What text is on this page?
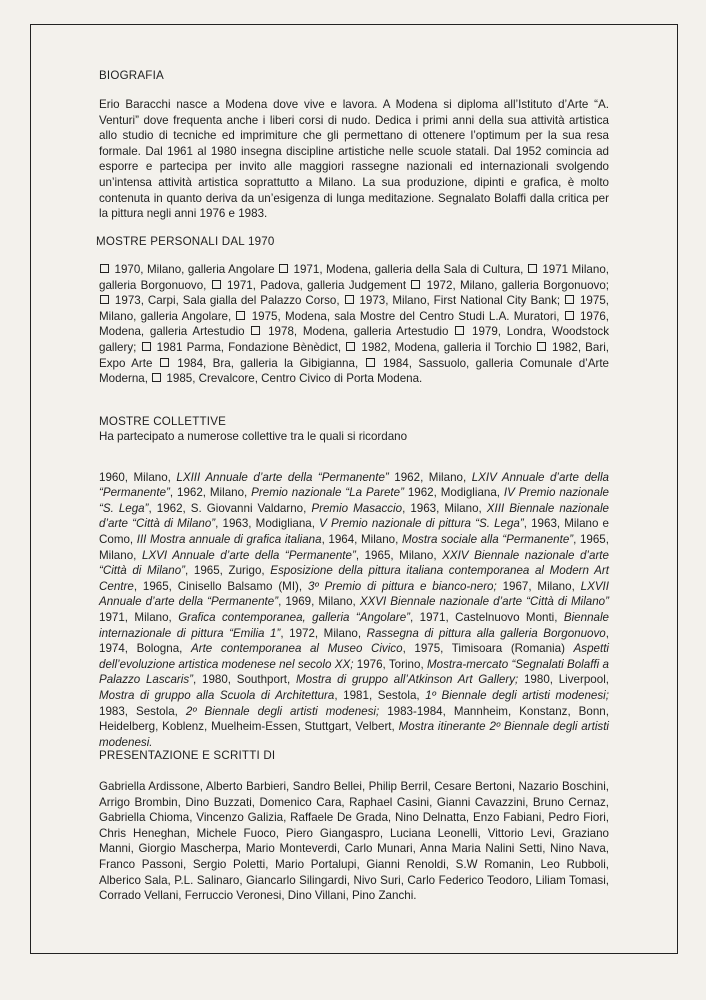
BIOGRAFIA

Erio Baracchi nasce a Modena dove vive e lavora. A Modena si diploma all’Istituto d’Arte “A. Venturi” dove frequenta anche i liberi corsi di nudo. Dedica i primi anni della sua attività artistica allo studio di tecniche ed imprimiture che gli permettano di ottenere l’optimum per la sua resa formale. Dal 1961 al 1980 insegna discipline artistiche nelle scuole statali. Dal 1952 comincia ad esporre e partecipa per invito alle maggiori rassegne nazionali ed internazionali svolgendo un’intensa attività artistica soprattutto a Milano. La sua produzione, dipinti e grafica, è molto contenuta in quanto deriva da un’esigenza di lunga meditazione. Segnalato Bolaffi dalla critica per la pittura negli anni 1976 e 1983.

MOSTRE PERSONALI DAL 1970

1970, Milano, galleria Angolare  1971, Modena, galleria della Sala di Cultura,  1971 Milano, galleria Borgonuovo,  1971, Padova, galleria Judgement  1972, Milano, galleria Borgonuovo;  1973, Carpi, Sala gialla del Palazzo Corso,  1973, Milano, First National City Bank;  1975, Milano, galleria Angolare,  1975, Modena, sala Mostre del Centro Studi L.A. Muratori,  1976, Modena, galleria Artestudio  1978, Modena, galleria Artestudio  1979, Londra, Woodstock gallery;  1981 Parma, Fondazione Bènèdict,  1982, Modena, galleria il Torchio  1982, Bari, Expo Arte  1984, Bra, galleria la Gibigianna,  1984, Sassuolo, galleria Comunale d’Arte Moderna,  1985, Crevalcore, Centro Civico di Porta Modena.

MOSTRE COLLETTIVE

Ha partecipato a numerose collettive tra le quali si ricordano

1960, Milano, LXIII Annuale d’arte della “Permanente” 1962, Milano, LXIV Annuale d’arte della “Permanente”, 1962, Milano, Premio nazionale “La Parete” 1962, Modigliana, IV Premio nazionale “S. Lega”, 1962, S. Giovanni Valdarno, Premio Masaccio, 1963, Milano, XIII Biennale nazionale d’arte “Città di Milano”, 1963, Modigliana, V Premio nazionale di pittura “S. Lega”, 1963, Milano e Como, III Mostra annuale di grafica italiana, 1964, Milano, Mostra sociale alla “Permanente”, 1965, Milano, LXVI Annuale d’arte della “Permanente”, 1965, Milano, XXIV Biennale nazionale d’arte “Città di Milano”, 1965, Zurigo, Esposizione della pittura italiana contemporanea al Modern Art Centre, 1965, Cinisello Balsamo (MI), 3º Premio di pittura e bianco-nero; 1967, Milano, LXVII Annuale d’arte della “Permanente”, 1969, Milano, XXVI Biennale nazionale d’arte “Città di Milano” 1971, Milano, Grafica contemporanea, galleria “Angolare”, 1971, Castelnuovo Monti, Biennale internazionale di pittura “Emilia 1”, 1972, Milano, Rassegna di pittura alla galleria Borgonuovo, 1974, Bologna, Arte contemporanea al Museo Civico, 1975, Timisoara (Romania) Aspetti dell’evoluzione artistica modenese nel secolo XX; 1976, Torino, Mostra-mercato “Segnalati Bolaffi a Palazzo Lascaris”, 1980, Southport, Mostra di gruppo all’Atkinson Art Gallery; 1980, Liverpool, Mostra di gruppo alla Scuola di Architettura, 1981, Sestola, 1º Biennale degli artisti modenesi; 1983, Sestola, 2º Biennale degli artisti modenesi; 1983-1984, Mannheim, Konstanz, Bonn, Heidelberg, Koblenz, Muelheim-Essen, Stuttgart, Velbert, Mostra itinerante 2º Biennale degli artisti modenesi.

PRESENTAZIONE E SCRITTI DI

Gabriella Ardissone, Alberto Barbieri, Sandro Bellei, Philip Berril, Cesare Bertoni, Nazario Boschini, Arrigo Brombin, Dino Buzzati, Domenico Cara, Raphael Casini, Gianni Cavazzini, Bruno Cernaz, Gabriella Chioma, Vincenzo Galizia, Raffaele De Grada, Nino Delnatta, Enzo Fabiani, Pedro Fiori, Chris Heneghan, Michele Fuoco, Piero Giangaspro, Luciana Leonelli, Vittorio Levi, Graziano Manni, Giorgio Mascherpa, Mario Monteverdi, Carlo Munari, Anna Maria Nalini Setti, Nino Nava, Franco Passoni, Sergio Poletti, Mario Portalupi, Gianni Renoldi, S.W Romanin, Leo Rubboli, Alberico Sala, P.L. Salinaro, Giancarlo Silingardi, Nivo Suri, Carlo Federico Teodoro, Liliam Tomasi, Corrado Vellani, Ferruccio Veronesi, Dino Villani, Pino Zanchi.
